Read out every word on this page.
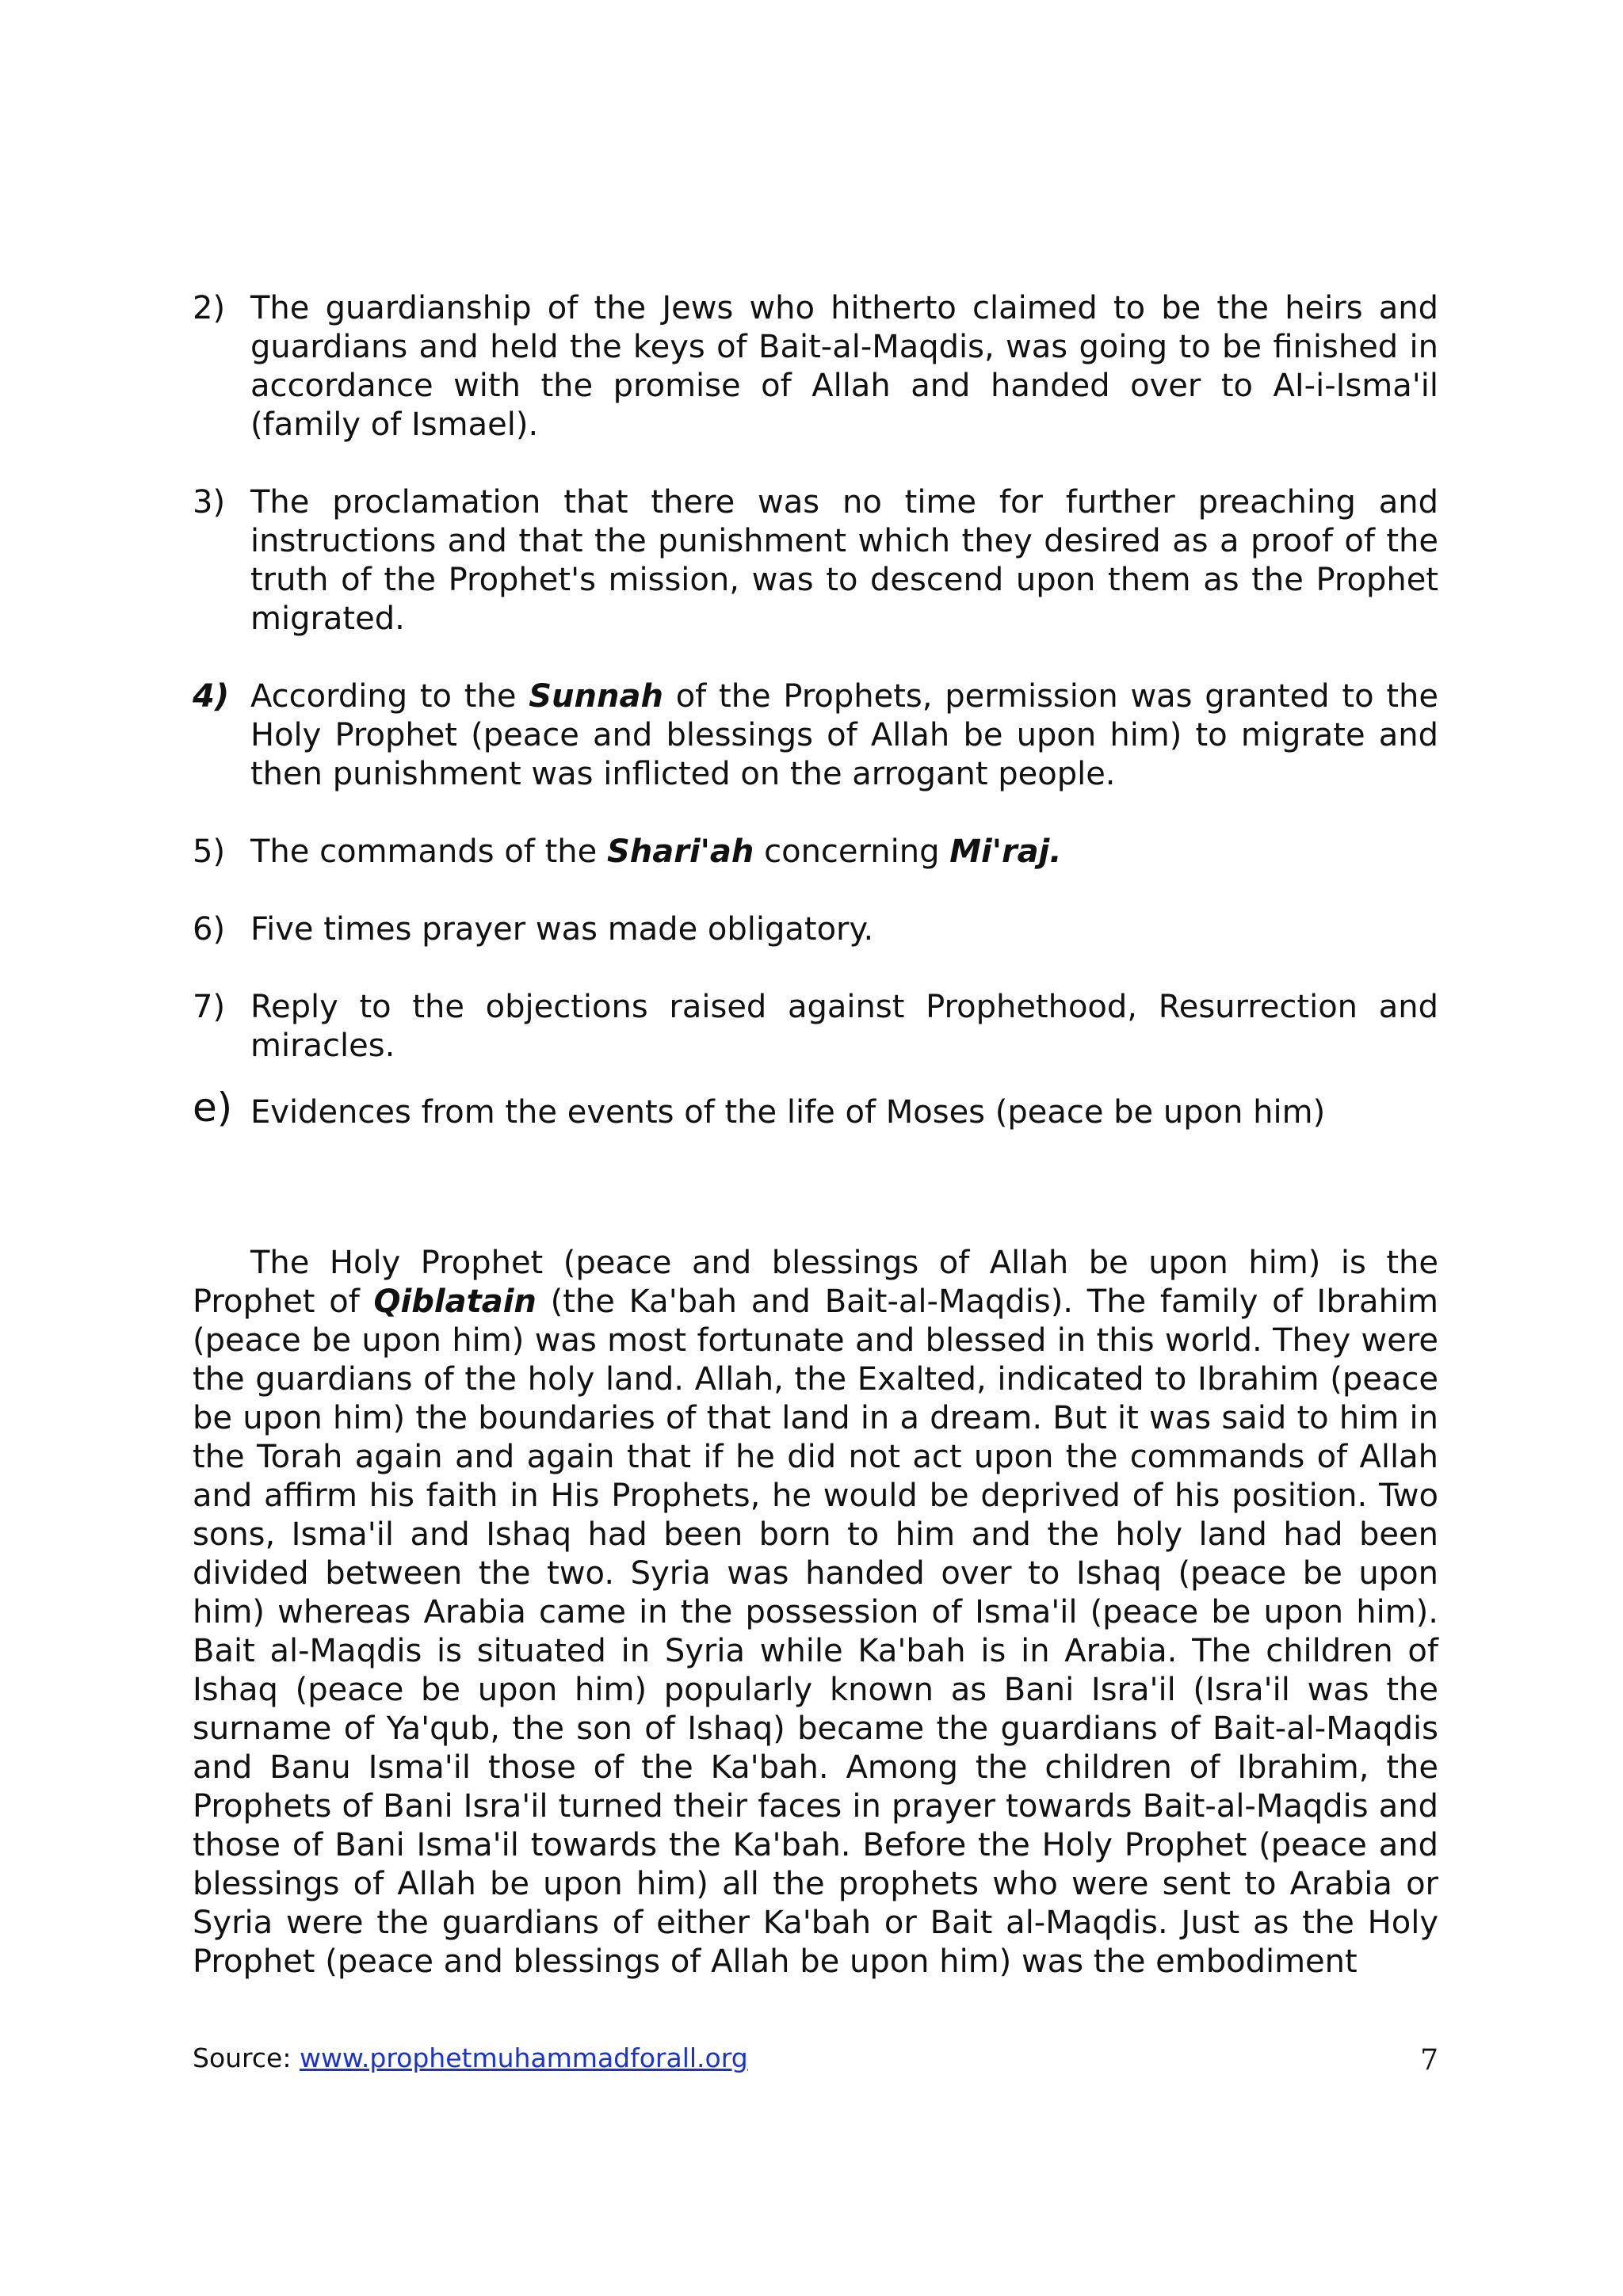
2) The guardianship of the Jews who hitherto claimed to be the heirs and guardians and held the keys of Bait-al-Maqdis, was going to be finished in accordance with the promise of Allah and handed over to AI-i-Isma'il (family of Ismael).
3) The proclamation that there was no time for further preaching and instructions and that the punishment which they desired as a proof of the truth of the Prophet's mission, was to descend upon them as the Prophet migrated.
4) According to the Sunnah of the Prophets, permission was granted to the Holy Prophet (peace and blessings of Allah be upon him) to migrate and then punishment was inflicted on the arrogant people.
5) The commands of the Shari'ah concerning Mi'raj.
6) Five times prayer was made obligatory.
7) Reply to the objections raised against Prophethood, Resurrection and miracles.
e) Evidences from the events of the life of Moses (peace be upon him)
The Holy Prophet (peace and blessings of Allah be upon him) is the Prophet of Qiblatain (the Ka'bah and Bait-al-Maqdis). The family of Ibrahim (peace be upon him) was most fortunate and blessed in this world. They were the guardians of the holy land. Allah, the Exalted, indicated to Ibrahim (peace be upon him) the boundaries of that land in a dream. But it was said to him in the Torah again and again that if he did not act upon the commands of Allah and affirm his faith in His Prophets, he would be deprived of his position. Two sons, Isma'il and Ishaq had been born to him and the holy land had been divided between the two. Syria was handed over to Ishaq (peace be upon him) whereas Arabia came in the possession of Isma'il (peace be upon him). Bait al-Maqdis is situated in Syria while Ka'bah is in Arabia. The children of Ishaq (peace be upon him) popularly known as Bani Isra'il (Isra'il was the surname of Ya'qub, the son of Ishaq) became the guardians of Bait-al-Maqdis and Banu Isma'il those of the Ka'bah. Among the children of Ibrahim, the Prophets of Bani Isra'il turned their faces in prayer towards Bait-al-Maqdis and those of Bani Isma'il towards the Ka'bah. Before the Holy Prophet (peace and blessings of Allah be upon him) all the prophets who were sent to Arabia or Syria were the guardians of either Ka'bah or Bait al-Maqdis. Just as the Holy Prophet (peace and blessings of Allah be upon him) was the embodiment
Source: www.prophetmuhammadforall.org	7
